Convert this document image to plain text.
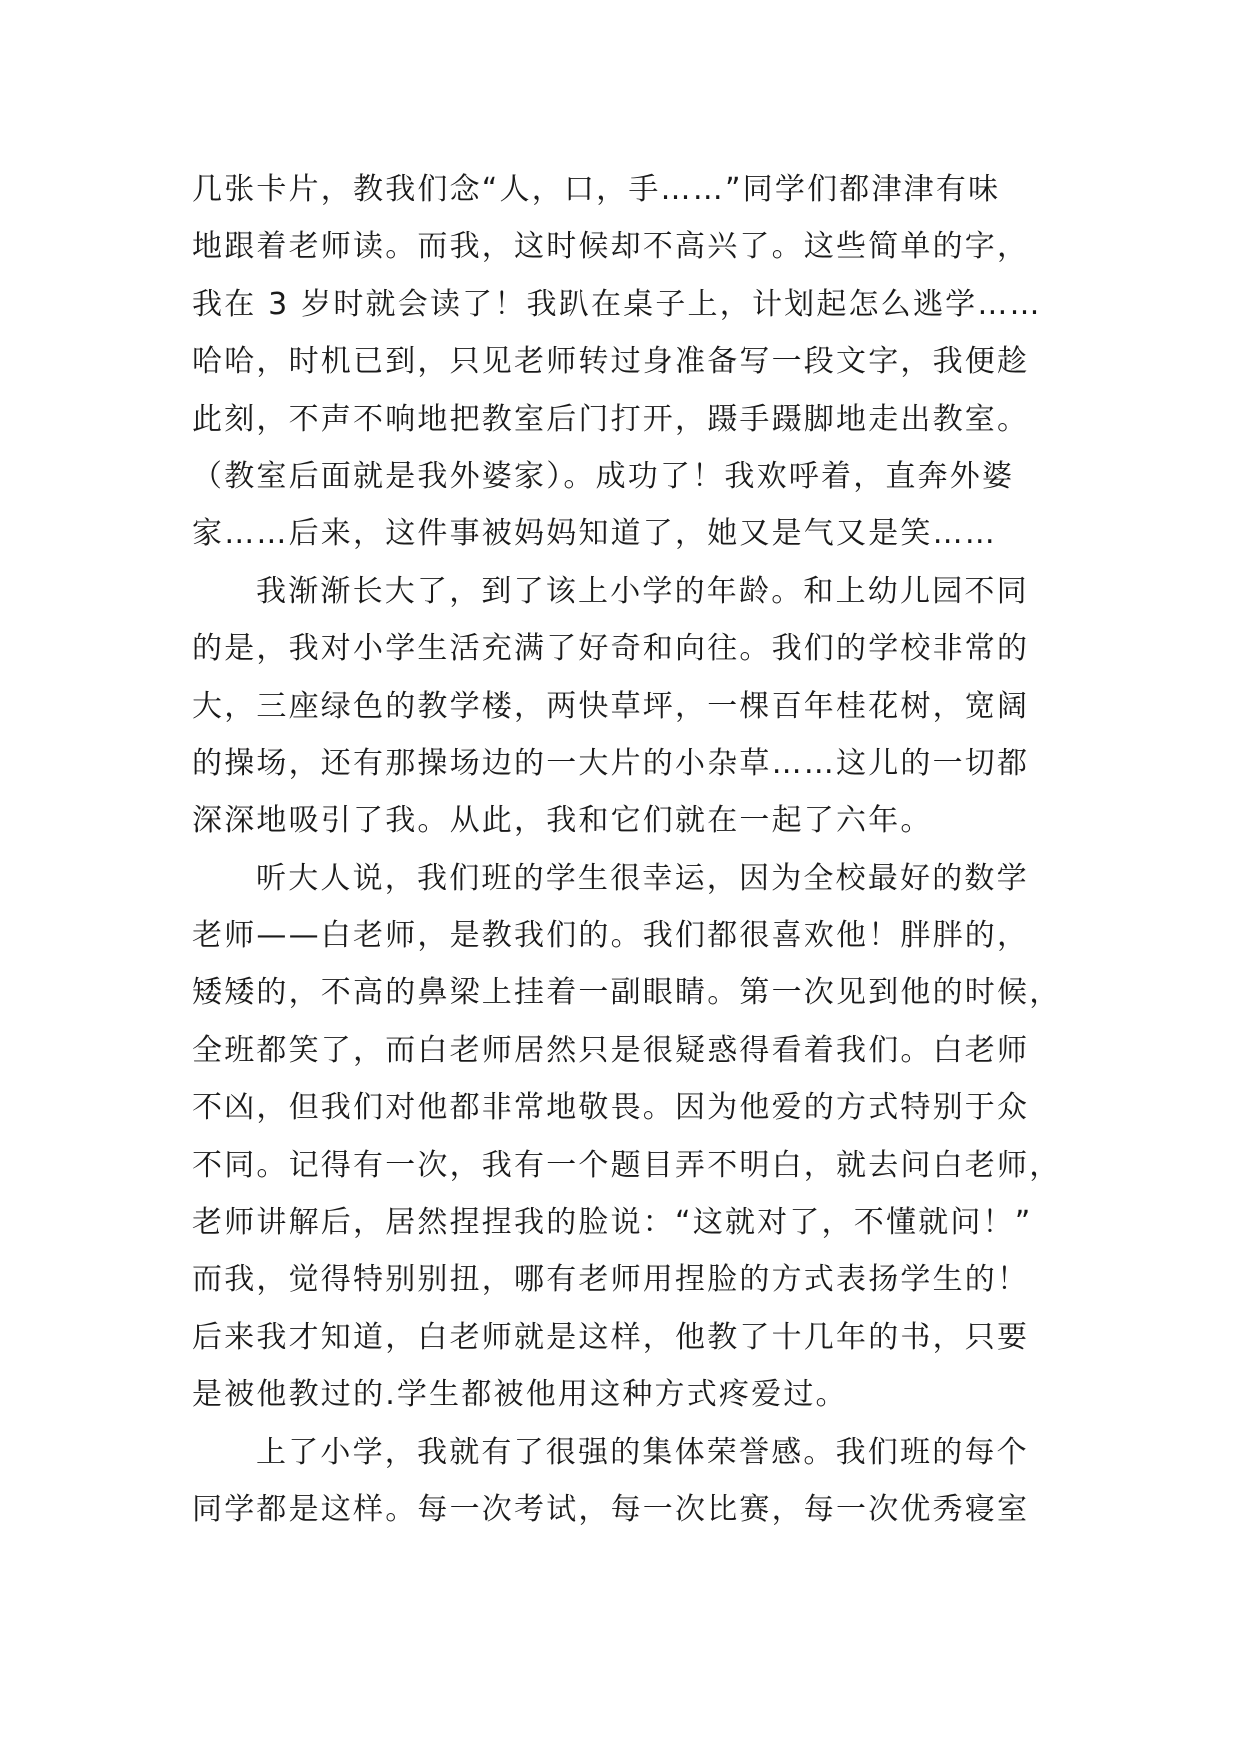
几张卡片，教我们念“人，口，手……”同学们都津津有味
地跟着老师读。而我，这时候却不高兴了。这些简单的字，
我在 3 岁时就会读了！我趴在桌子上，计划起怎么逃学……
哈哈，时机已到，只见老师转过身准备写一段文字，我便趁
此刻，不声不响地把教室后门打开，蹑手蹑脚地走出教室。
（教室后面就是我外婆家）。成功了！我欢呼着，直奔外婆
家……后来，这件事被妈妈知道了，她又是气又是笑……
我渐渐长大了，到了该上小学的年龄。和上幼儿园不同
的是，我对小学生活充满了好奇和向往。我们的学校非常的
大，三座绿色的教学楼，两快草坪，一棵百年桂花树，宽阔
的操场，还有那操场边的一大片的小杂草……这儿的一切都
深深地吸引了我。从此，我和它们就在一起了六年。
听大人说，我们班的学生很幸运，因为全校最好的数学
老师——白老师，是教我们的。我们都很喜欢他！胖胖的，
矮矮的，不高的鼻梁上挂着一副眼睛。第一次见到他的时候，
全班都笑了，而白老师居然只是很疑惑得看着我们。白老师
不凶，但我们对他都非常地敬畏。因为他爱的方式特别于众
不同。记得有一次，我有一个题目弄不明白，就去问白老师，
老师讲解后，居然捏捏我的脸说：“这就对了，不懂就问！”
而我，觉得特别别扭，哪有老师用捏脸的方式表扬学生的！
后来我才知道，白老师就是这样，他教了十几年的书，只要
是被他教过的.学生都被他用这种方式疼爱过。
上了小学，我就有了很强的集体荣誉感。我们班的每个
同学都是这样。每一次考试，每一次比赛，每一次优秀寝室
